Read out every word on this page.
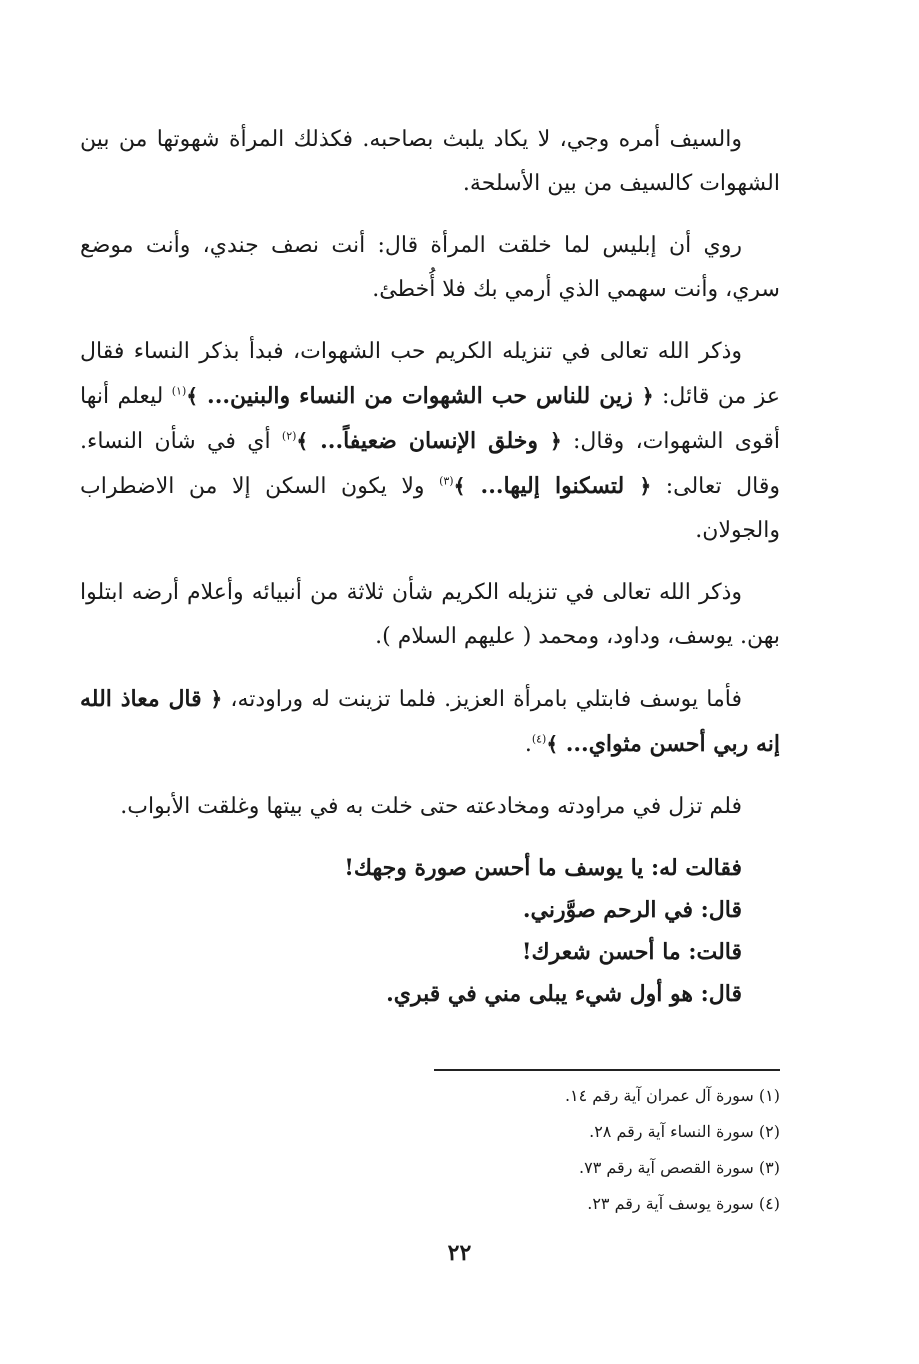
والسيف أمره وجي، لا يكاد يلبث بصاحبه. فكذلك المرأة شهوتها من بين الشهوات كالسيف من بين الأسلحة.

روي أن إبليس لما خلقت المرأة قال: أنت نصف جندي، وأنت موضع سري، وأنت سهمي الذي أرمي بك فلا أُخطئ.

وذكر الله تعالى في تنزيله الكريم حب الشهوات، فبدأ بذكر النساء فقال عز من قائل: ﴿ زين للناس حب الشهوات من النساء والبنين... ﴾$^{(١)}$ ليعلم أنها أقوى الشهوات، وقال: ﴿ وخلق الإنسان ضعيفاً... ﴾$^{(٢)}$ أي في شأن النساء. وقال تعالى: ﴿ لتسكنوا إليها... ﴾$^{(٣)}$ ولا يكون السكن إلا من الاضطراب والجولان.

وذكر الله تعالى في تنزيله الكريم شأن ثلاثة من أنبيائه وأعلام أرضه ابتلوا بهن. يوسف، وداود، ومحمد ( عليهم السلام ).

فأما يوسف فابتلي بامرأة العزيز. فلما تزينت له وراودته، ﴿ قال معاذ الله إنه ربي أحسن مثواي... ﴾$^{(٤)}$.

فلم تزل في مراودته ومخادعته حتى خلت به في بيتها وغلقت الأبواب.

فقالت له: يا يوسف ما أحسن صورة وجهك!
قال: في الرحم صوَّرني.
قالت: ما أحسن شعرك!
قال: هو أول شيء يبلى مني في قبري.
(١) سورة آل عمران آية رقم ١٤.
(٢) سورة النساء آية رقم ٢٨.
(٣) سورة القصص آية رقم ٧٣.
(٤) سورة يوسف آية رقم ٢٣.
٢٢
